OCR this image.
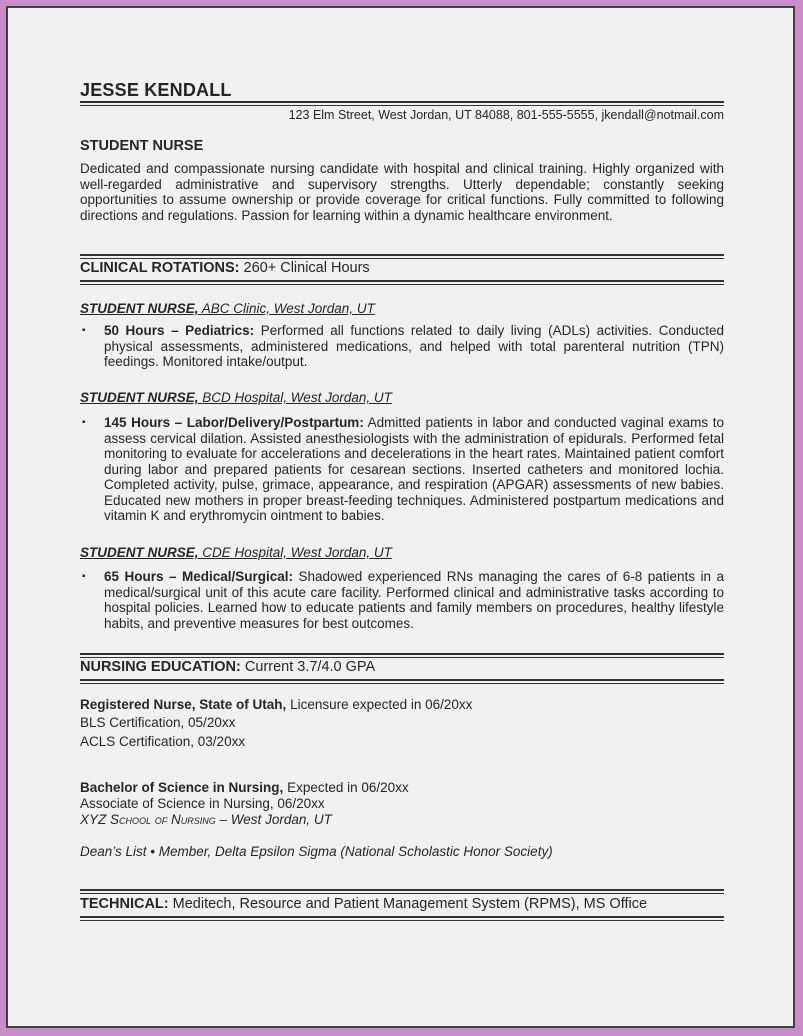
JESSE KENDALL
123 Elm Street, West Jordan, UT 84088, 801-555-5555, jkendall@notmail.com
STUDENT NURSE
Dedicated and compassionate nursing candidate with hospital and clinical training. Highly organized with well-regarded administrative and supervisory strengths. Utterly dependable; constantly seeking opportunities to assume ownership or provide coverage for critical functions. Fully committed to following directions and regulations. Passion for learning within a dynamic healthcare environment.
CLINICAL ROTATIONS: 260+ Clinical Hours
STUDENT NURSE, ABC Clinic, West Jordan, UT
▪ 50 Hours – Pediatrics: Performed all functions related to daily living (ADLs) activities. Conducted physical assessments, administered medications, and helped with total parenteral nutrition (TPN) feedings. Monitored intake/output.
STUDENT NURSE, BCD Hospital, West Jordan, UT
▪ 145 Hours – Labor/Delivery/Postpartum: Admitted patients in labor and conducted vaginal exams to assess cervical dilation. Assisted anesthesiologists with the administration of epidurals. Performed fetal monitoring to evaluate for accelerations and decelerations in the heart rates. Maintained patient comfort during labor and prepared patients for cesarean sections. Inserted catheters and monitored lochia. Completed activity, pulse, grimace, appearance, and respiration (APGAR) assessments of new babies. Educated new mothers in proper breast-feeding techniques. Administered postpartum medications and vitamin K and erythromycin ointment to babies.
STUDENT NURSE, CDE Hospital, West Jordan, UT
▪ 65 Hours – Medical/Surgical: Shadowed experienced RNs managing the cares of 6-8 patients in a medical/surgical unit of this acute care facility. Performed clinical and administrative tasks according to hospital policies. Learned how to educate patients and family members on procedures, healthy lifestyle habits, and preventive measures for best outcomes.
NURSING EDUCATION: Current 3.7/4.0 GPA
Registered Nurse, State of Utah, Licensure expected in 06/20xx
BLS Certification, 05/20xx
ACLS Certification, 03/20xx
Bachelor of Science in Nursing, Expected in 06/20xx
Associate of Science in Nursing, 06/20xx
XYZ School of Nursing – West Jordan, UT
Dean’s List • Member, Delta Epsilon Sigma (National Scholastic Honor Society)
TECHNICAL: Meditech, Resource and Patient Management System (RPMS), MS Office
